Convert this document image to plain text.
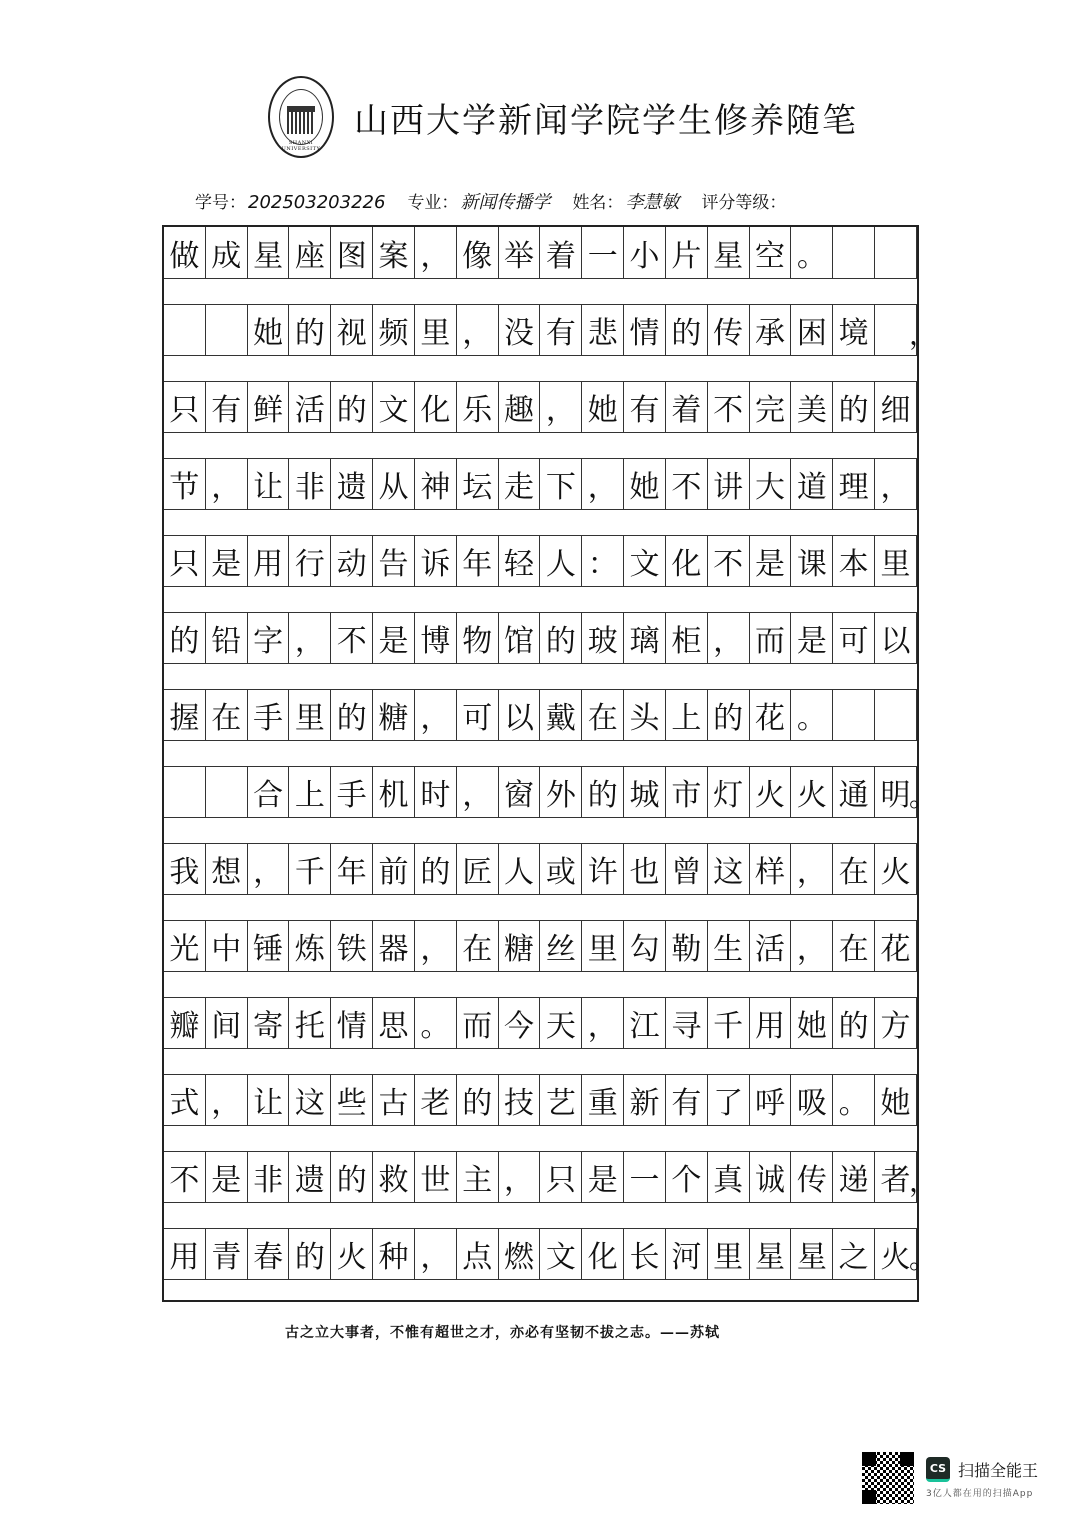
SHANXI UNIVERSITY
山西大学新闻学院学生修养随笔
学号： 202503203226 专业： 新闻传播学 姓名： 李慧敏 评分等级：
做 成 星 座 图 案 ， 像 举 着 一 小 片 星 空 。
她 的 视 频 里 ， 没 有 悲 情 的 传 承 困 境 ，
只 有 鲜 活 的 文 化 乐 趣 ， 她 有 着 不 完 美 的 细
节 ， 让 非 遗 从 神 坛 走 下 ， 她 不 讲 大 道 理 ，
只 是 用 行 动 告 诉 年 轻 人 ： 文 化 不 是 课 本 里
的 铅 字 ， 不 是 博 物 馆 的 玻 璃 柜 ， 而 是 可 以
握 在 手 里 的 糖 ， 可 以 戴 在 头 上 的 花 。
合 上 手 机 时 ， 窗 外 的 城 市 灯 火 火 通 明
。
我 想 ， 千 年 前 的 匠 人 或 许 也 曾 这 样 ， 在 火
光 中 锤 炼 铁 器 ， 在 糖 丝 里 勾 勒 生 活 ， 在 花
瓣 间 寄 托 情 思 。 而 今 天 ， 江 寻 千 用 她 的 方
式 ， 让 这 些 古 老 的 技 艺 重 新 有 了 呼 吸 。 她
不 是 非 遗 的 救 世 主 ， 只 是 一 个 真 诚 传 递 者
，
用 青 春 的 火 种 ， 点 燃 文 化 长 河 里 星 星 之 火
。
古之立大事者，不惟有超世之才，亦必有坚韧不拔之志。——苏轼
CS 扫描全能王
3亿人都在用的扫描App
